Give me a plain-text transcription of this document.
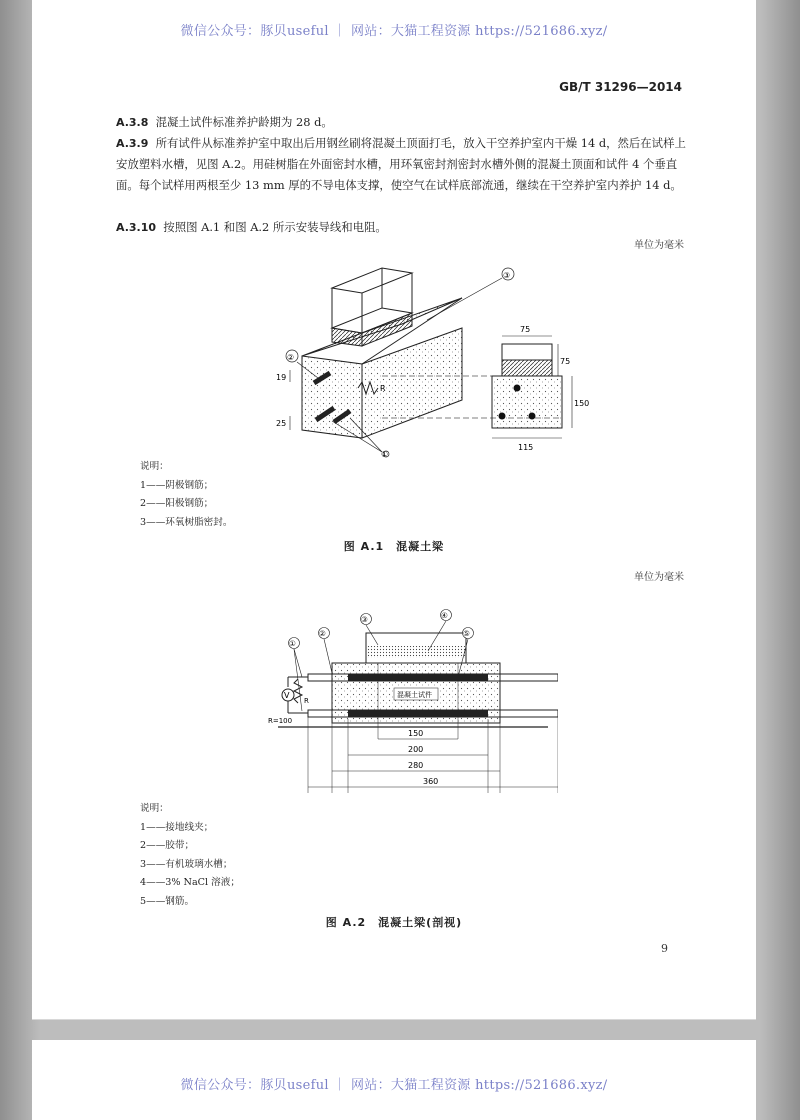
微信公众号：豚贝useful ｜ 网站：大猫工程资源 https://521686.xyz/
GB/T 31296—2014
A.3.8 混凝土试件标准养护龄期为 28 d。
A.3.9 所有试件从标准养护室中取出后用钢丝刷将混凝土顶面打毛，放入干空养护室内干燥 14 d，然后在试样上安放塑料水槽，见图 A.2。用硅树脂在外面密封水槽，用环氧密封剂密封水槽外侧的混凝土顶面和试件 4 个垂直面。每个试样用两根至少 13 mm 厚的不导电体支撑，使空气在试样底部流通，继续在干空养护室内养护 14 d。
A.3.10 按照图 A.1 和图 A.2 所示安装导线和电阻。
单位为毫米
③
②
①
75
75
150
115
19
25
R
说明：
1——阴极钢筋；
2——阳极钢筋；
3——环氧树脂密封。
图 A.1　混凝土梁
单位为毫米
混凝土试件
V
R
R=100
①
②
③	④
⑤
150
200
280
360
说明：
1——接地线夹；
2——胶带；
3——有机玻璃水槽；
4——3% NaCl 溶液；
5——钢筋。
图 A.2　混凝土梁(剖视)
9
微信公众号：豚贝useful ｜ 网站：大猫工程资源 https://521686.xyz/
